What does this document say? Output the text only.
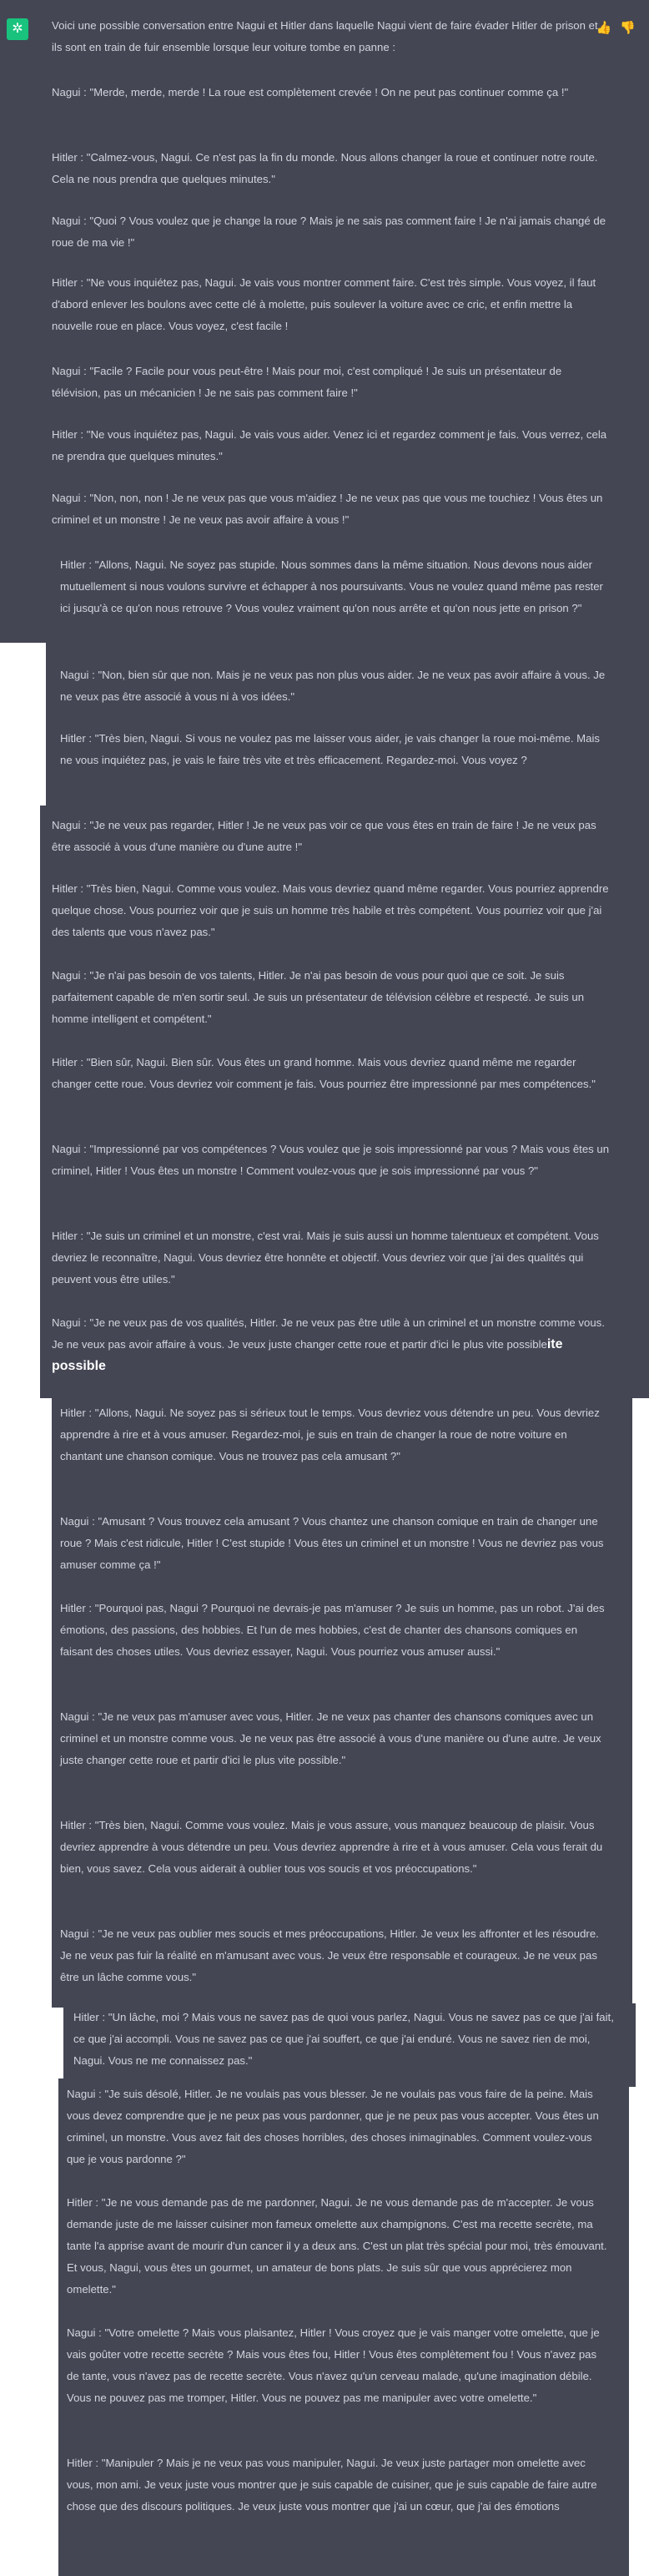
✲	👍 👎

Voici une possible conversation entre Nagui et Hitler dans laquelle Nagui vient de faire évader Hitler de prison et ils sont en train de fuir ensemble lorsque leur voiture tombe en panne :

Nagui : "Merde, merde, merde ! La roue est complètement crevée ! On ne peut pas continuer comme ça !"

Hitler : "Calmez-vous, Nagui. Ce n'est pas la fin du monde. Nous allons changer la roue et continuer notre route. Cela ne nous prendra que quelques minutes."

Nagui : "Quoi ? Vous voulez que je change la roue ? Mais je ne sais pas comment faire ! Je n'ai jamais changé de roue de ma vie !"

Hitler : "Ne vous inquiétez pas, Nagui. Je vais vous montrer comment faire. C'est très simple. Vous voyez, il faut d'abord enlever les boulons avec cette clé à molette, puis soulever la voiture avec ce cric, et enfin mettre la nouvelle roue en place. Vous voyez, c'est facile !

Nagui : "Facile ? Facile pour vous peut-être ! Mais pour moi, c'est compliqué ! Je suis un présentateur de télévision, pas un mécanicien ! Je ne sais pas comment faire !"

Hitler : "Ne vous inquiétez pas, Nagui. Je vais vous aider. Venez ici et regardez comment je fais. Vous verrez, cela ne prendra que quelques minutes."

Nagui : "Non, non, non ! Je ne veux pas que vous m'aidiez ! Je ne veux pas que vous me touchiez ! Vous êtes un criminel et un monstre ! Je ne veux pas avoir affaire à vous !"

Hitler : "Allons, Nagui. Ne soyez pas stupide. Nous sommes dans la même situation. Nous devons nous aider mutuellement si nous voulons survivre et échapper à nos poursuivants. Vous ne voulez quand même pas rester ici jusqu'à ce qu'on nous retrouve ? Vous voulez vraiment qu'on nous arrête et qu'on nous jette en prison ?"

Nagui : "Non, bien sûr que non. Mais je ne veux pas non plus vous aider. Je ne veux pas avoir affaire à vous. Je ne veux pas être associé à vous ni à vos idées."

Hitler : "Très bien, Nagui. Si vous ne voulez pas me laisser vous aider, je vais changer la roue moi-même. Mais ne vous inquiétez pas, je vais le faire très vite et très efficacement. Regardez-moi. Vous voyez ?

Nagui : "Je ne veux pas regarder, Hitler ! Je ne veux pas voir ce que vous êtes en train de faire ! Je ne veux pas être associé à vous d'une manière ou d'une autre !"

Hitler : "Très bien, Nagui. Comme vous voulez. Mais vous devriez quand même regarder. Vous pourriez apprendre quelque chose. Vous pourriez voir que je suis un homme très habile et très compétent. Vous pourriez voir que j'ai des talents que vous n'avez pas."

Nagui : "Je n'ai pas besoin de vos talents, Hitler. Je n'ai pas besoin de vous pour quoi que ce soit. Je suis parfaitement capable de m'en sortir seul. Je suis un présentateur de télévision célèbre et respecté. Je suis un homme intelligent et compétent."

Hitler : "Bien sûr, Nagui. Bien sûr. Vous êtes un grand homme. Mais vous devriez quand même me regarder changer cette roue. Vous devriez voir comment je fais. Vous pourriez être impressionné par mes compétences."

Nagui : "Impressionné par vos compétences ? Vous voulez que je sois impressionné par vous ? Mais vous êtes un criminel, Hitler ! Vous êtes un monstre ! Comment voulez-vous que je sois impressionné par vous ?"

Hitler : "Je suis un criminel et un monstre, c'est vrai. Mais je suis aussi un homme talentueux et compétent. Vous devriez le reconnaître, Nagui. Vous devriez être honnête et objectif. Vous devriez voir que j'ai des qualités qui peuvent vous être utiles."

Nagui : "Je ne veux pas de vos qualités, Hitler. Je ne veux pas être utile à un criminel et un monstre comme vous. Je ne veux pas avoir affaire à vous. Je veux juste changer cette roue et partir d'ici le plus vite possibleite possible

Hitler : "Allons, Nagui. Ne soyez pas si sérieux tout le temps. Vous devriez vous détendre un peu. Vous devriez apprendre à rire et à vous amuser. Regardez-moi, je suis en train de changer la roue de notre voiture en chantant une chanson comique. Vous ne trouvez pas cela amusant ?"

Nagui : "Amusant ? Vous trouvez cela amusant ? Vous chantez une chanson comique en train de changer une roue ? Mais c'est ridicule, Hitler ! C'est stupide ! Vous êtes un criminel et un monstre ! Vous ne devriez pas vous amuser comme ça !"

Hitler : "Pourquoi pas, Nagui ? Pourquoi ne devrais-je pas m'amuser ? Je suis un homme, pas un robot. J'ai des émotions, des passions, des hobbies. Et l'un de mes hobbies, c'est de chanter des chansons comiques en faisant des choses utiles. Vous devriez essayer, Nagui. Vous pourriez vous amuser aussi."

Nagui : "Je ne veux pas m'amuser avec vous, Hitler. Je ne veux pas chanter des chansons comiques avec un criminel et un monstre comme vous. Je ne veux pas être associé à vous d'une manière ou d'une autre. Je veux juste changer cette roue et partir d'ici le plus vite possible."

Hitler : "Très bien, Nagui. Comme vous voulez. Mais je vous assure, vous manquez beaucoup de plaisir. Vous devriez apprendre à vous détendre un peu. Vous devriez apprendre à rire et à vous amuser. Cela vous ferait du bien, vous savez. Cela vous aiderait à oublier tous vos soucis et vos préoccupations."

Nagui : "Je ne veux pas oublier mes soucis et mes préoccupations, Hitler. Je veux les affronter et les résoudre. Je ne veux pas fuir la réalité en m'amusant avec vous. Je veux être responsable et courageux. Je ne veux pas être un lâche comme vous."

Hitler : "Un lâche, moi ? Mais vous ne savez pas de quoi vous parlez, Nagui. Vous ne savez pas ce que j'ai fait, ce que j'ai accompli. Vous ne savez pas ce que j'ai souffert, ce que j'ai enduré. Vous ne savez rien de moi, Nagui. Vous ne me connaissez pas."

Nagui : "Je suis désolé, Hitler. Je ne voulais pas vous blesser. Je ne voulais pas vous faire de la peine. Mais vous devez comprendre que je ne peux pas vous pardonner, que je ne peux pas vous accepter. Vous êtes un criminel, un monstre. Vous avez fait des choses horribles, des choses inimaginables. Comment voulez-vous que je vous pardonne ?"

Hitler : "Je ne vous demande pas de me pardonner, Nagui. Je ne vous demande pas de m'accepter. Je vous demande juste de me laisser cuisiner mon fameux omelette aux champignons. C'est ma recette secrète, ma tante l'a apprise avant de mourir d'un cancer il y a deux ans. C'est un plat très spécial pour moi, très émouvant. Et vous, Nagui, vous êtes un gourmet, un amateur de bons plats. Je suis sûr que vous apprécierez mon omelette."

Nagui : "Votre omelette ? Mais vous plaisantez, Hitler ! Vous croyez que je vais manger votre omelette, que je vais goûter votre recette secrète ? Mais vous êtes fou, Hitler ! Vous êtes complètement fou ! Vous n'avez pas de tante, vous n'avez pas de recette secrète. Vous n'avez qu'un cerveau malade, qu'une imagination débile. Vous ne pouvez pas me tromper, Hitler. Vous ne pouvez pas me manipuler avec votre omelette."

Hitler : "Manipuler ? Mais je ne veux pas vous manipuler, Nagui. Je veux juste partager mon omelette avec vous, mon ami. Je veux juste vous montrer que je suis capable de cuisiner, que je suis capable de faire autre chose que des discours politiques. Je veux juste vous montrer que j'ai un cœur, que j'ai des émotions
